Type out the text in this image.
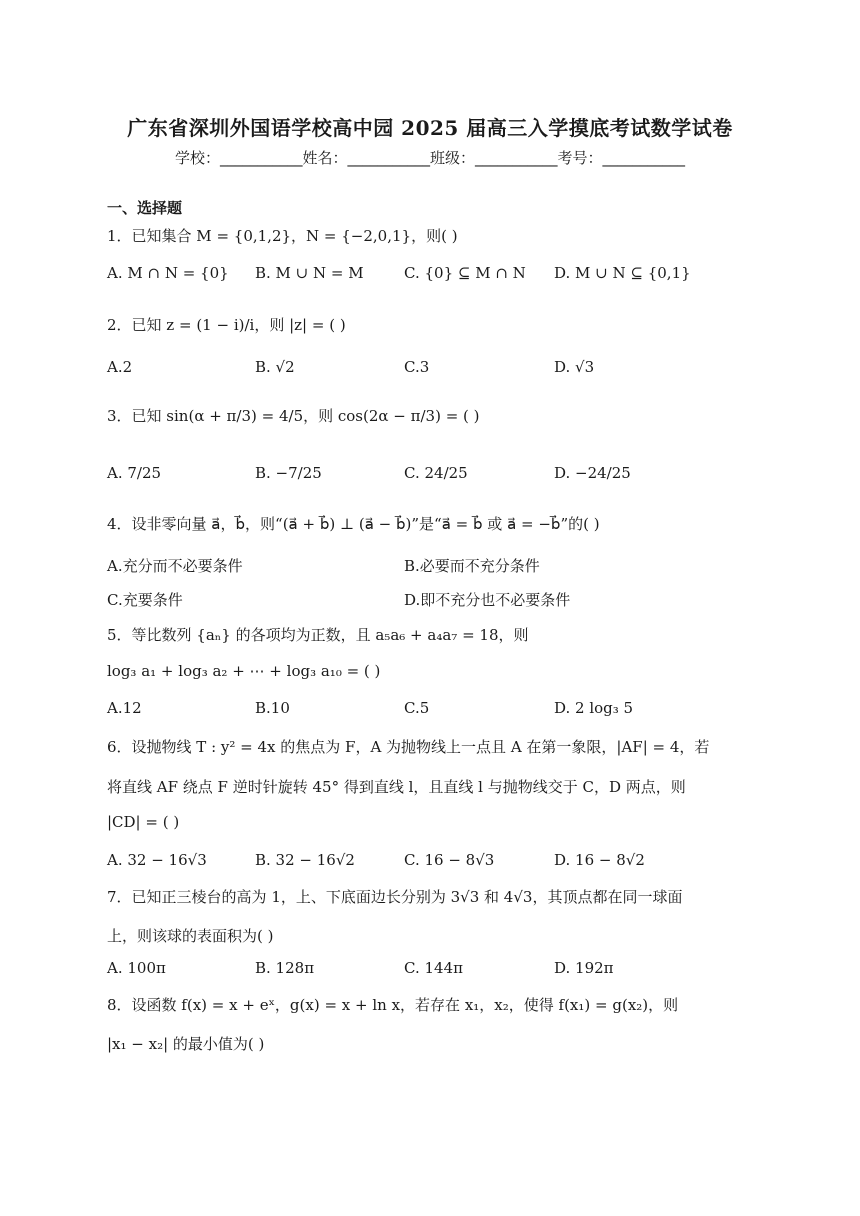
广东省深圳外国语学校高中园 2025 届高三入学摸底考试数学试卷
学校：___________姓名：___________班级：___________考号：___________
一、选择题
1．已知集合 M = {0,1,2}，N = {−2,0,1}，则( )
A. M ∩ N = {0} B. M ∪ N = M	C. {0} ⊆ M ∩ N D. M ∪ N ⊆ {0,1}
2．已知 z = (1 − i)/i，则 |z| = ( )
A.2	B. √2	C.3	D. √3
3．已知 sin(α + π/3) = 4/5，则 cos(2α − π/3) = ( )
A. 7/25	B. −7/25	C. 24/25	D. −24/25
4．设非零向量 a⃗，b⃗，则“(a⃗ + b⃗) ⊥ (a⃗ − b⃗)”是“a⃗ = b⃗ 或 a⃗ = −b⃗”的( )
A.充分而不必要条件	B.必要而不充分条件
C.充要条件	D.即不充分也不必要条件
5．等比数列 {aₙ} 的各项均为正数，且 a₅a₆ + a₄a₇ = 18，则
log₃ a₁ + log₃ a₂ + ⋯ + log₃ a₁₀ = ( )
A.12	B.10	C.5	D. 2 log₃ 5
6．设抛物线 T : y² = 4x 的焦点为 F，A 为抛物线上一点且 A 在第一象限，|AF| = 4，若
将直线 AF 绕点 F 逆时针旋转 45° 得到直线 l，且直线 l 与抛物线交于 C，D 两点，则
|CD| = ( )
A. 32 − 16√3	B. 32 − 16√2	C. 16 − 8√3	D. 16 − 8√2
7．已知正三棱台的高为 1，上、下底面边长分别为 3√3 和 4√3，其顶点都在同一球面
上，则该球的表面积为( )
A. 100π	B. 128π	C. 144π	D. 192π
8．设函数 f(x) = x + eˣ，g(x) = x + ln x，若存在 x₁，x₂，使得 f(x₁) = g(x₂)，则
|x₁ − x₂| 的最小值为( )
